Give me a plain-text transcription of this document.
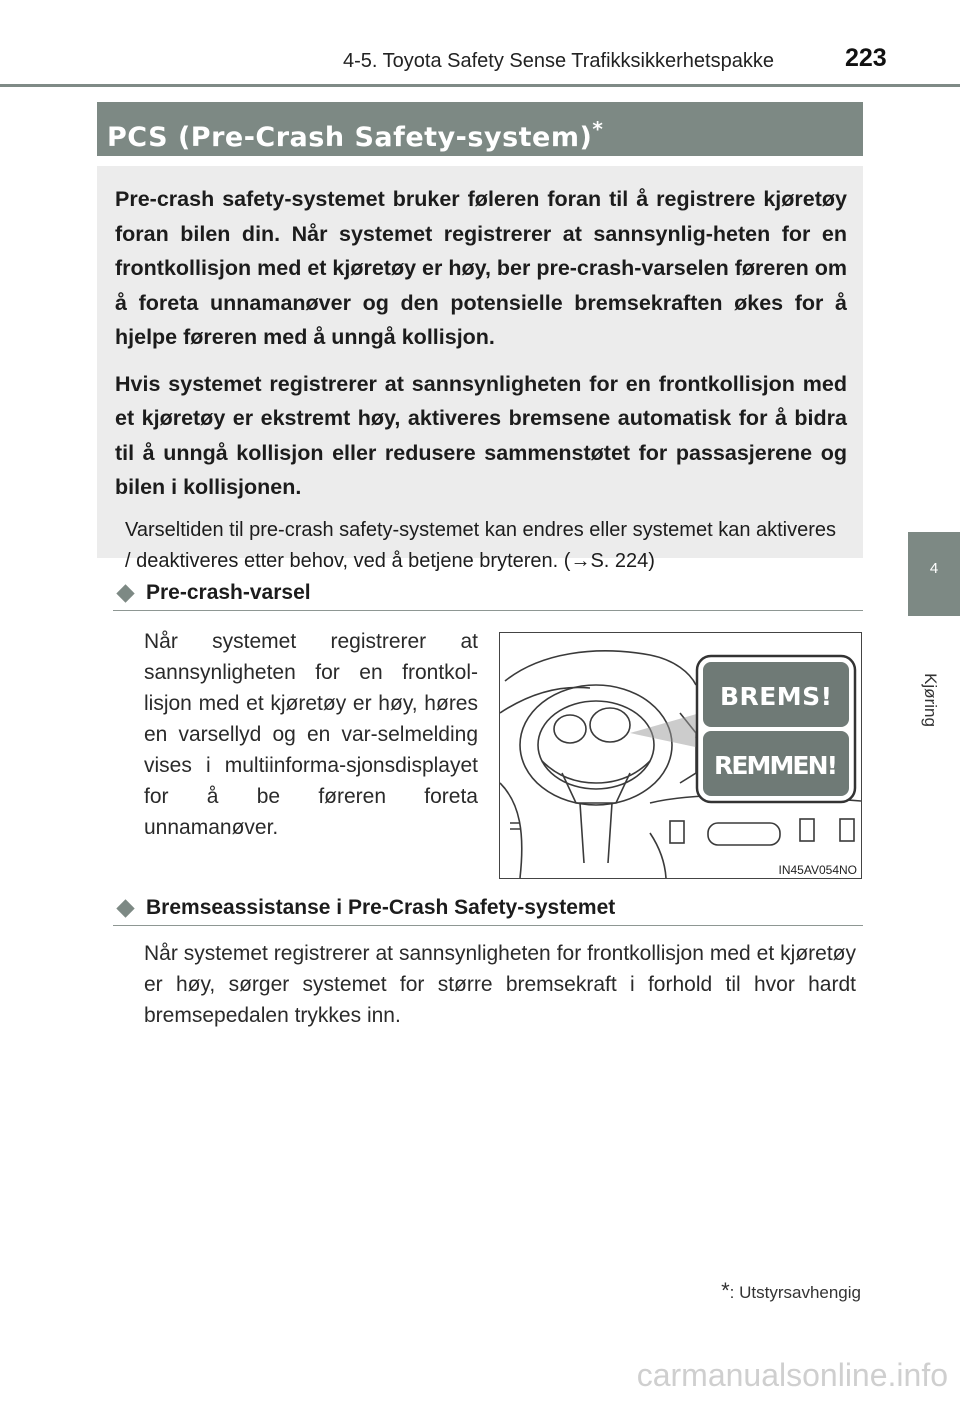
4-5. Toyota Safety Sense Trafikksikkerhetspakke	223
PCS (Pre-Crash Safety-system)*

Pre-crash safety-systemet bruker føleren foran til å registrere kjøretøy foran bilen din. Når systemet registrerer at sannsynlig-heten for en frontkollisjon med et kjøretøy er høy, ber pre-crash-varselen føreren om å foreta unnamanøver og den potensielle bremsekraften økes for å hjelpe føreren med å unngå kollisjon.

Hvis systemet registrerer at sannsynligheten for en frontkollisjon med et kjøretøy er ekstremt høy, aktiveres bremsene automatisk for å bidra til å unngå kollisjon eller redusere sammenstøtet for passasjerene og bilen i kollisjonen.

Varseltiden til pre-crash safety-systemet kan endres eller systemet kan aktiveres / deaktiveres etter behov, ved å betjene bryteren. (→S. 224)

Pre-crash-varsel
Når systemet registrerer at sannsynligheten for en frontkol-lisjon med et kjøretøy er høy, høres en varsellyd og en var-selmelding vises i multiinforma-sjonsdisplayet for å be føreren foreta unnamanøver.
BREMS!
REMMEN!
IN45AV054NO
Bremseassistanse i Pre-Crash Safety-systemet
Når systemet registrerer at sannsynligheten for frontkollisjon med et kjøretøy er høy, sørger systemet for større bremsekraft i forhold til hvor hardt bremsepedalen trykkes inn.
*: Utstyrsavhengig
4
Kjøring
carmanualsonline.info
